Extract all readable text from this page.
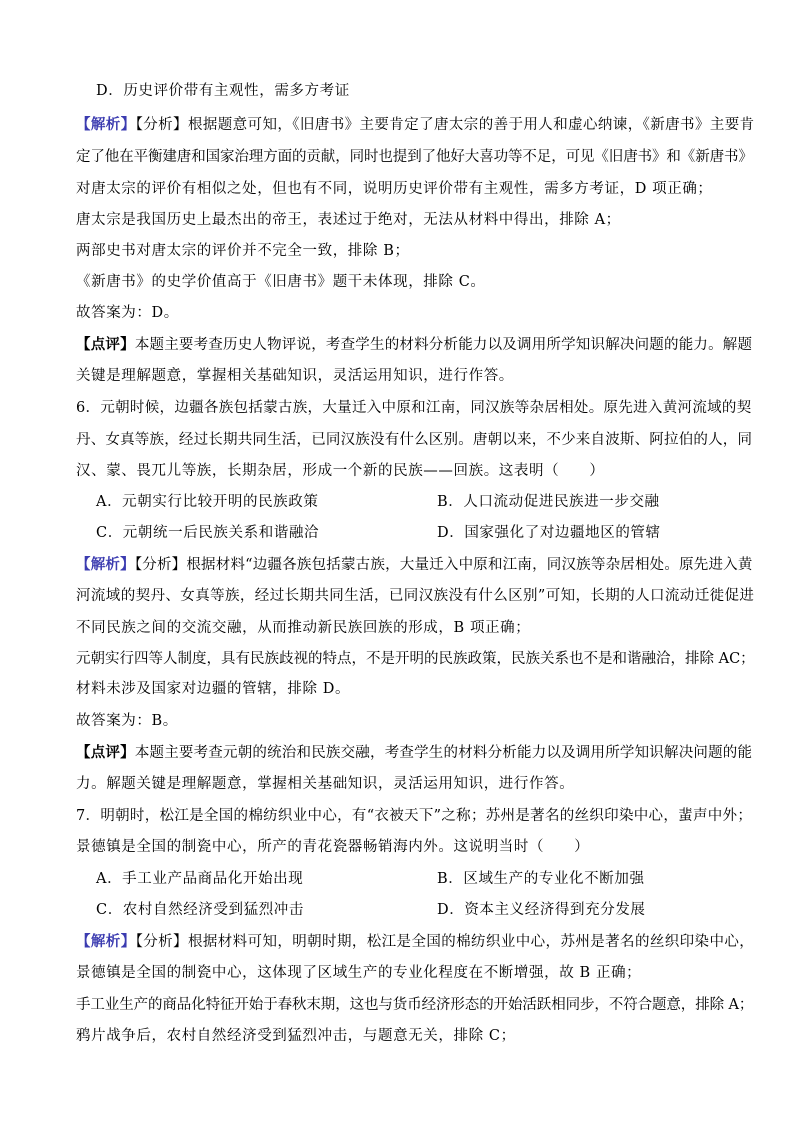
D．历史评价带有主观性，需多方考证
【解析】【分析】根据题意可知，《旧唐书》主要肯定了唐太宗的善于用人和虚心纳谏，《新唐书》主要肯
定了他在平衡建唐和国家治理方面的贡献，同时也提到了他好大喜功等不足，可见《旧唐书》和《新唐书》
对唐太宗的评价有相似之处，但也有不同，说明历史评价带有主观性，需多方考证，D 项正确；
唐太宗是我国历史上最杰出的帝王，表述过于绝对，无法从材料中得出，排除 A；
两部史书对唐太宗的评价并不完全一致，排除 B；
《新唐书》的史学价值高于《旧唐书》题干未体现，排除 C。
故答案为：D。
【点评】本题主要考查历史人物评说，考查学生的材料分析能力以及调用所学知识解决问题的能力。解题
关键是理解题意，掌握相关基础知识，灵活运用知识，进行作答。
6．元朝时候，边疆各族包括蒙古族，大量迁入中原和江南，同汉族等杂居相处。原先进入黄河流域的契
丹、女真等族，经过长期共同生活，已同汉族没有什么区别。唐朝以来，不少来自波斯、阿拉伯的人，同
汉、蒙、畏兀儿等族，长期杂居，形成一个新的民族——回族。这表明（　　）
A．元朝实行比较开明的民族政策	B．人口流动促进民族进一步交融
C．元朝统一后民族关系和谐融洽	D．国家强化了对边疆地区的管辖
【解析】【分析】根据材料“边疆各族包括蒙古族，大量迁入中原和江南，同汉族等杂居相处。原先进入黄
河流域的契丹、女真等族，经过长期共同生活，已同汉族没有什么区别”可知，长期的人口流动迁徙促进
不同民族之间的交流交融，从而推动新民族回族的形成，B 项正确；
元朝实行四等人制度，具有民族歧视的特点，不是开明的民族政策，民族关系也不是和谐融洽，排除 AC；
材料未涉及国家对边疆的管辖，排除 D。
故答案为：B。
【点评】本题主要考查元朝的统治和民族交融，考查学生的材料分析能力以及调用所学知识解决问题的能
力。解题关键是理解题意，掌握相关基础知识，灵活运用知识，进行作答。
7．明朝时，松江是全国的棉纺织业中心，有“衣被天下”之称；苏州是著名的丝织印染中心，蜚声中外；
景德镇是全国的制瓷中心，所产的青花瓷器畅销海内外。这说明当时（　　）
A．手工业产品商品化开始出现	B．区域生产的专业化不断加强
C．农村自然经济受到猛烈冲击	D．资本主义经济得到充分发展
【解析】【分析】根据材料可知，明朝时期，松江是全国的棉纺织业中心，苏州是著名的丝织印染中心，
景德镇是全国的制瓷中心，这体现了区域生产的专业化程度在不断增强，故 B 正确；
手工业生产的商品化特征开始于春秋末期，这也与货币经济形态的开始活跃相同步，不符合题意，排除 A；
鸦片战争后，农村自然经济受到猛烈冲击，与题意无关，排除 C；
